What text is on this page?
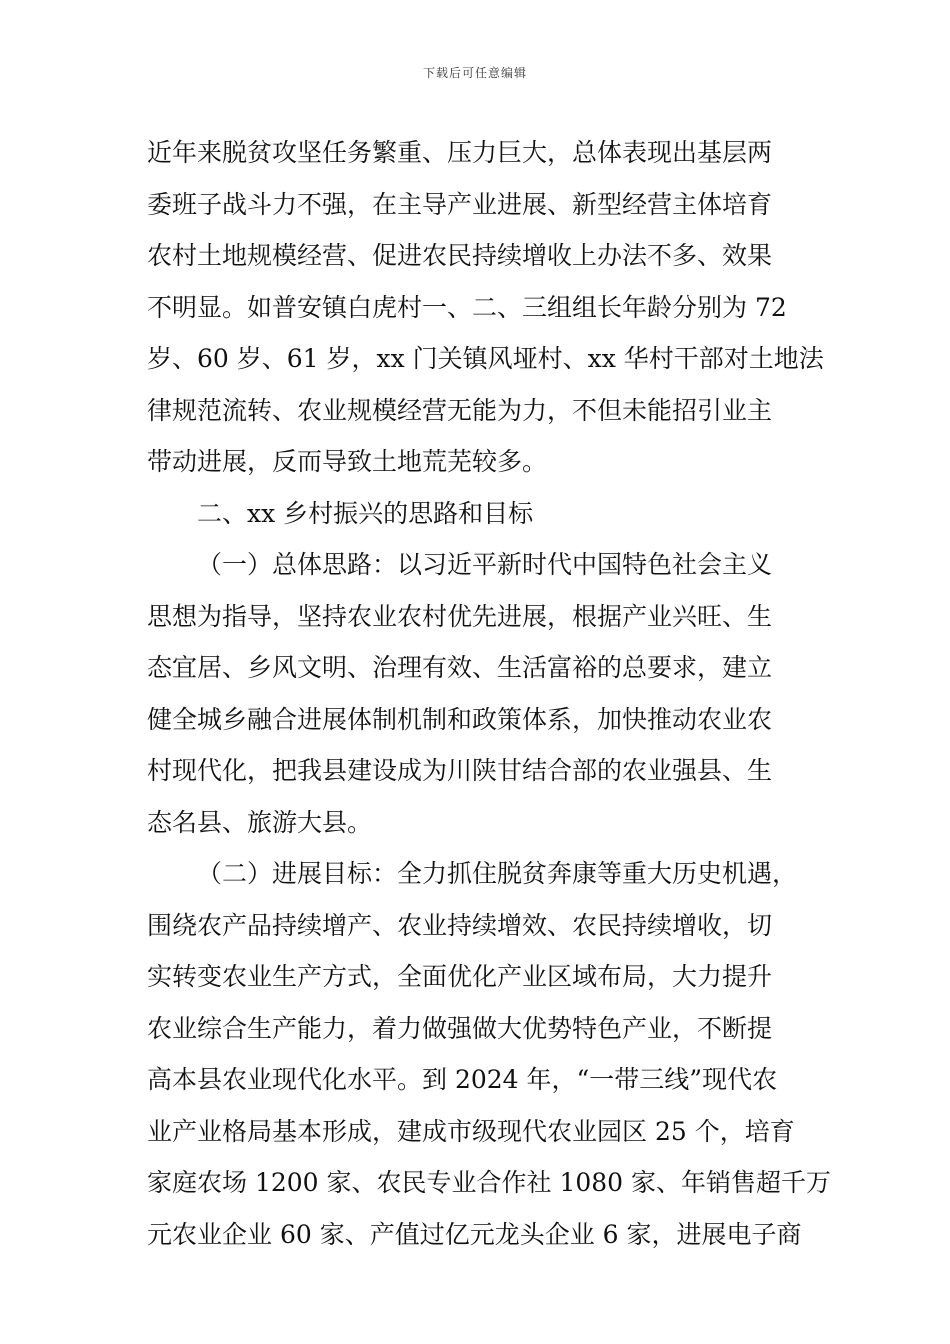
下载后可任意编辑
近年来脱贫攻坚任务繁重、压力巨大，总体表现出基层两
委班子战斗力不强，在主导产业进展、新型经营主体培育
农村土地规模经营、促进农民持续增收上办法不多、效果
不明显。如普安镇白虎村一、二、三组组长年龄分别为 72
岁、60 岁、61 岁，xx 门关镇风垭村、xx 华村干部对土地法
律规范流转、农业规模经营无能为力，不但未能招引业主
带动进展，反而导致土地荒芜较多。
二、xx 乡村振兴的思路和目标
（一）总体思路：以习近平新时代中国特色社会主义
思想为指导，坚持农业农村优先进展，根据产业兴旺、生
态宜居、乡风文明、治理有效、生活富裕的总要求，建立
健全城乡融合进展体制机制和政策体系，加快推动农业农
村现代化，把我县建设成为川陕甘结合部的农业强县、生
态名县、旅游大县。
（二）进展目标：全力抓住脱贫奔康等重大历史机遇，
围绕农产品持续增产、农业持续增效、农民持续增收，切
实转变农业生产方式，全面优化产业区域布局，大力提升
农业综合生产能力，着力做强做大优势特色产业，不断提
高本县农业现代化水平。到 2024 年，“一带三线”现代农
业产业格局基本形成，建成市级现代农业园区 25 个，培育
家庭农场 1200 家、农民专业合作社 1080 家、年销售超千万
元农业企业 60 家、产值过亿元龙头企业 6 家，进展电子商
